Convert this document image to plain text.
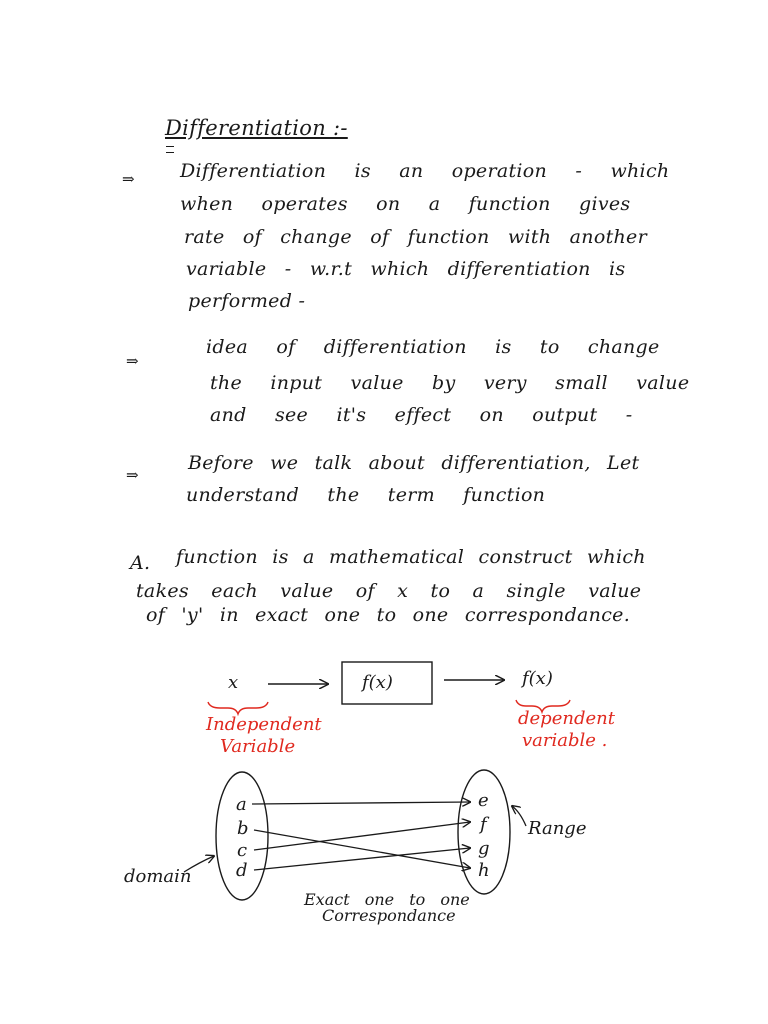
Differentiation :-
⇒ Differentiation is an operation - which
when operates on a function gives
rate of change of function with another
variable - w.r.t which differentiation is
performed -
⇒
idea of differentiation is to change
the input value by very small value
and see it's effect on output -
⇒
Before we talk about differentiation, Let
understand the term function
A. function is a mathematical construct which
takes each value of x to a single value
of 'y' in exact one to one correspondance.
x	f(x)	f(x)
Independent
Variable
dependent
variable .
a
b
c
d
e
f
g
h
domain
Range
Exact one to one
Correspondance
